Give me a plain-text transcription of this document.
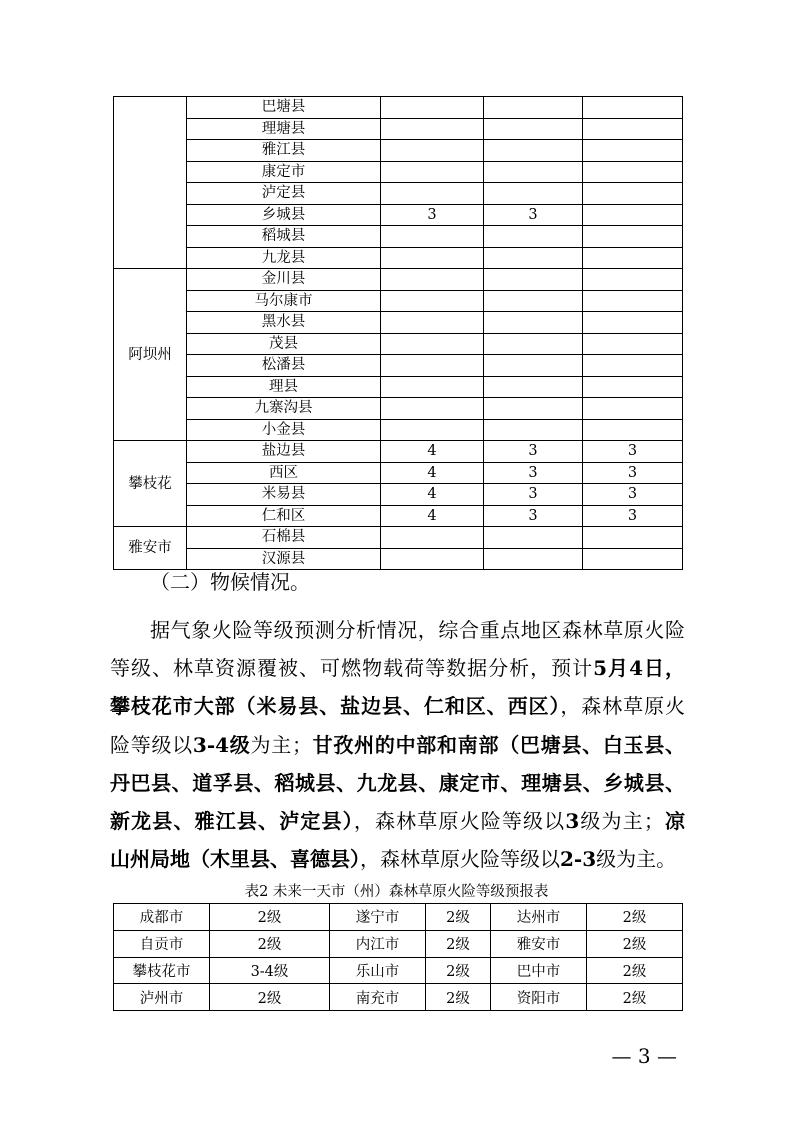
	巴塘县			
	理塘县			
	雅江县			
	康定市			
	泸定县			
	乡城县	3	3	
	稻城县			
	九龙县			
阿坝州	金川县			
	马尔康市			
	黑水县			
	茂县			
	松潘县			
	理县			
	九寨沟县			
	小金县			
攀枝花	盐边县	4	3	3
	西区	4	3	3
	米易县	4	3	3
	仁和区	4	3	3
雅安市	石棉县			
	汉源县			
（二）物候情况。
据气象火险等级预测分析情况，综合重点地区森林草原火险
等级、林草资源覆被、可燃物载荷等数据分析，预计5月4日，
攀枝花市大部（米易县、盐边县、仁和区、西区），森林草原火
险等级以3-4级为主；甘孜州的中部和南部（巴塘县、白玉县、
丹巴县、道孚县、稻城县、九龙县、康定市、理塘县、乡城县、
新龙县、雅江县、泸定县），森林草原火险等级以3级为主；凉
山州局地（木里县、喜德县），森林草原火险等级以2-3级为主。
表2 未来一天市（州）森林草原火险等级预报表
成都市	2级	遂宁市	2级	达州市	2级
自贡市	2级	内江市	2级	雅安市	2级
攀枝花市	3-4级	乐山市	2级	巴中市	2级
泸州市	2级	南充市	2级	资阳市	2级
— 3 —
